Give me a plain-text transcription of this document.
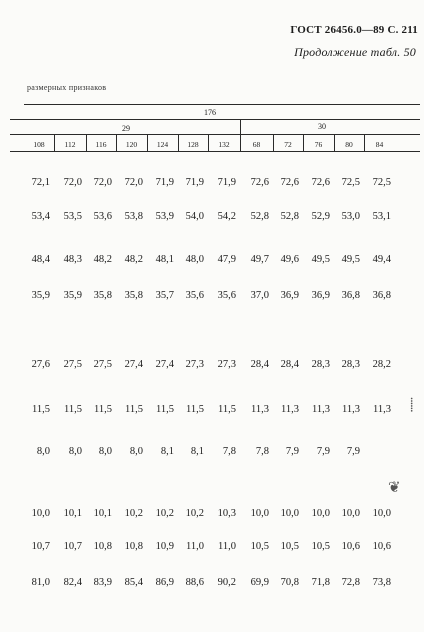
ГОСТ 26456.0—89 С. 211
Продолжение табл. 50
размерных признаков
176
29	30
108	112	116	120	124	128	132	68	72	76	80	84
72,1 72,0 72,0 72,0 71,9 71,9 71,9 72,6 72,6 72,6 72,5 72,5
53,4 53,5 53,6 53,8 53,9 54,0 54,2 52,8 52,8 52,9 53,0 53,1
48,4 48,3 48,2 48,2 48,1 48,0 47,9 49,7 49,6 49,5 49,5 49,4
35,9 35,9 35,8 35,8 35,7 35,6 35,6 37,0 36,9 36,9 36,8 36,8
27,6 27,5 27,5 27,4 27,4 27,3 27,3 28,4 28,4 28,3 28,3 28,2
11,5 11,5 11,5 11,5 11,5 11,5 11,5 11,3 11,3 11,3 11,3 11,3
8,0 8,0 8,0 8,0 8,1 8,1 7,8 7,8 7,9 7,9 7,9
10,0 10,1 10,1 10,2 10,2 10,2 10,3 10,0 10,0 10,0 10,0 10,0
10,7 10,7 10,8 10,8 10,9 11,0 11,0 10,5 10,5 10,5 10,6 10,6
81,0 82,4 83,9 85,4 86,9 88,6 90,2 69,9 70,8 71,8 72,8 73,8
⸽
❦
